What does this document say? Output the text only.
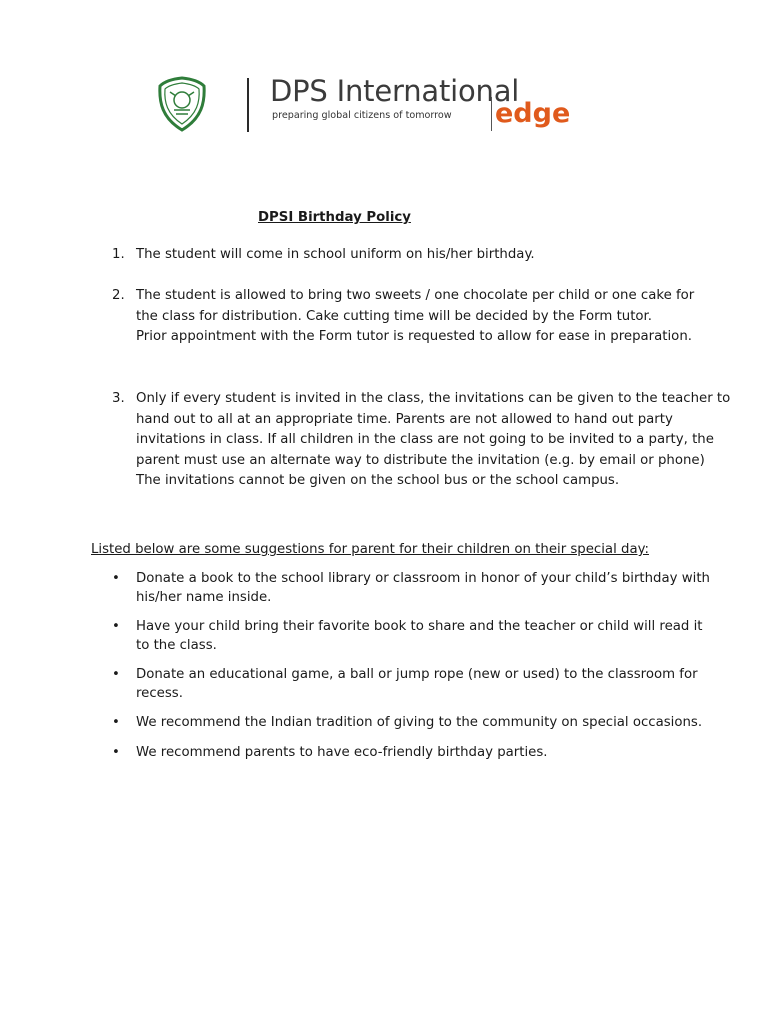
DPS International
preparing global citizens of tomorrow edge
DPSI Birthday Policy
1. The student will come in school uniform on his/her birthday.
2. The student is allowed to bring two sweets / one chocolate per child or one cake for
the class for distribution. Cake cutting time will be decided by the Form tutor.
Prior appointment with the Form tutor is requested to allow for ease in preparation.
3. Only if every student is invited in the class, the invitations can be given to the teacher to
hand out to all at an appropriate time. Parents are not allowed to hand out party
invitations in class. If all children in the class are not going to be invited to a party, the
parent must use an alternate way to distribute the invitation (e.g. by email or phone)
The invitations cannot be given on the school bus or the school campus.
Listed below are some suggestions for parent for their children on their special day:
• Donate a book to the school library or classroom in honor of your child’s birthday with
his/her name inside.
• Have your child bring their favorite book to share and the teacher or child will read it
to the class.
• Donate an educational game, a ball or jump rope (new or used) to the classroom for
recess.
• We recommend the Indian tradition of giving to the community on special occasions.
• We recommend parents to have eco-friendly birthday parties.
